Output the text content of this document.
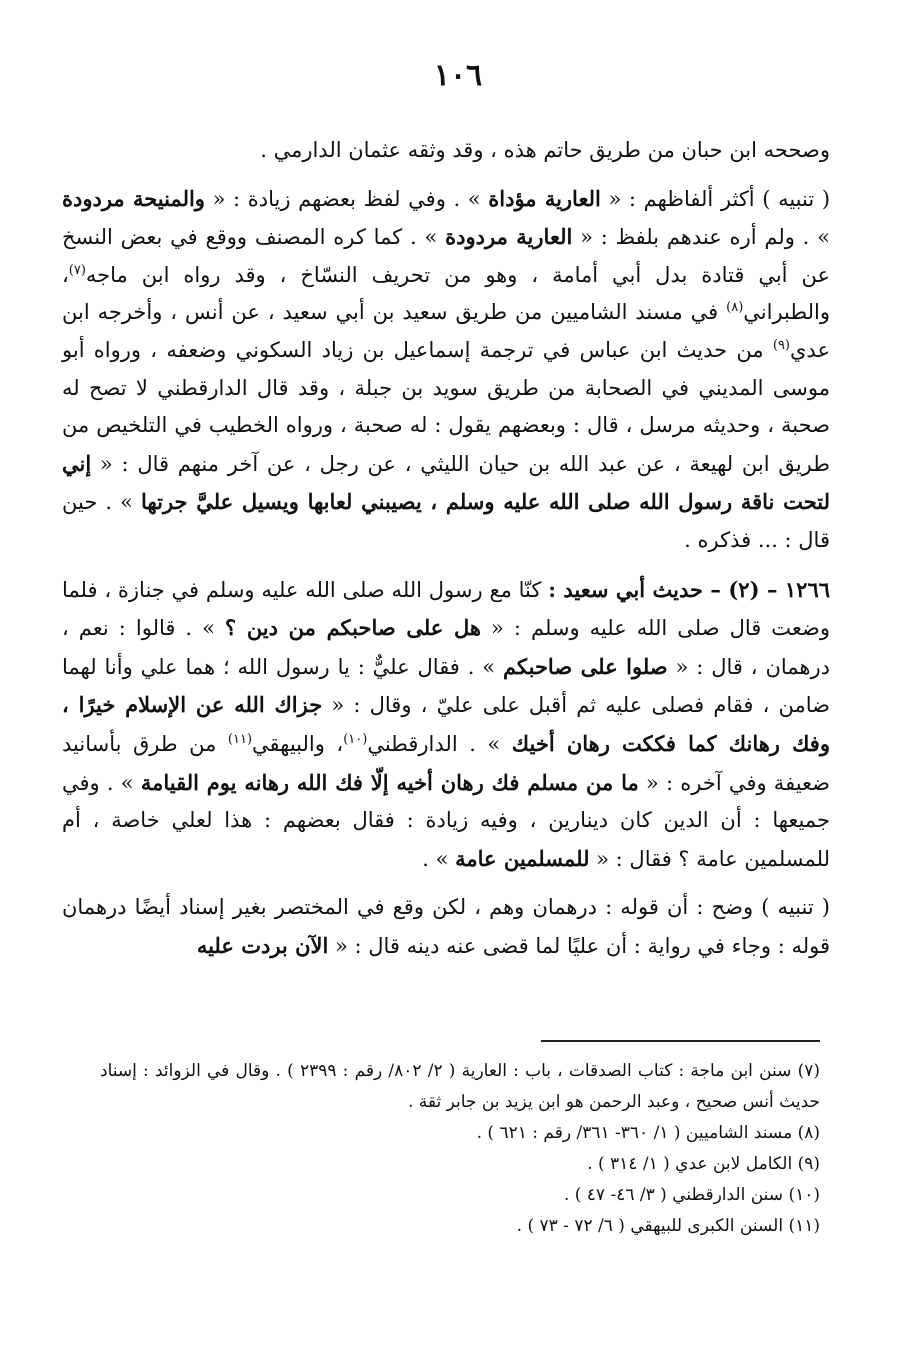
١٠٦

وصححه ابن حبان من طريق حاتم هذه ، وقد وثقه عثمان الدارمي .

( تنبيه ) أكثر ألفاظهم : « العارية مؤداة » . وفي لفظ بعضهم زيادة : « والمنيحة مردودة » . ولم أره عندهم بلفظ : « العارية مردودة » . كما كره المصنف ووقع في بعض النسخ عن أبي قتادة بدل أبي أمامة ، وهو من تحريف النسّاخ ، وقد رواه ابن ماجه$^{(٧)}$، والطبراني$^{(٨)}$ في مسند الشاميين من طريق سعيد بن أبي سعيد ، عن أنس ، وأخرجه ابن عدي$^{(٩)}$ من حديث ابن عباس في ترجمة إسماعيل بن زياد السكوني وضعفه ، ورواه أبو موسى المديني في الصحابة من طريق سويد بن جبلة ، وقد قال الدارقطني لا تصح له صحبة ، وحديثه مرسل ، قال : وبعضهم يقول : له صحبة ، ورواه الخطيب في التلخيص من طريق ابن لهيعة ، عن عبد الله بن حيان الليثي ، عن رجل ، عن آخر منهم قال : « إني لتحت ناقة رسول الله صلى الله عليه وسلم ، يصيبني لعابها ويسيل عليَّ جرتها » . حين قال : ... فذكره .

١٢٦٦ – (٢) – حديث أبي سعيد : كنّا مع رسول الله صلى الله عليه وسلم في جنازة ، فلما وضعت قال صلى الله عليه وسلم : « هل على صاحبكم من دين ؟ » . قالوا : نعم ، درهمان ، قال : « صلوا على صاحبكم » . فقال عليٌّ : يا رسول الله ؛ هما علي وأنا لهما ضامن ، فقام فصلى عليه ثم أقبل على عليّ ، وقال : « جزاك الله عن الإسلام خيرًا ، وفك رهانك كما فككت رهان أخيك » . الدارقطني$^{(١٠)}$، والبيهقي$^{(١١)}$ من طرق بأسانيد ضعيفة وفي آخره : « ما من مسلم فك رهان أخيه إلّا فك الله رهانه يوم القيامة » . وفي جميعها : أن الدين كان دينارين ، وفيه زيادة : فقال بعضهم : هذا لعلي خاصة ، أم للمسلمين عامة ؟ فقال : « للمسلمين عامة » .

( تنبيه ) وضح : أن قوله : درهمان وهم ، لكن وقع في المختصر بغير إسناد أيضًا درهمان قوله : وجاء في رواية : أن عليًا لما قضى عنه دينه قال : « الآن بردت عليه

(٧) سنن ابن ماجة : كتاب الصدقات ، باب : العارية ( ٢/ ٨٠٢/ رقم : ٢٣٩٩ ) . وقال في الزوائد : إسناد حديث أنس صحيح ، وعبد الرحمن هو ابن يزيد بن جابر ثقة .

(٨) مسند الشاميين ( ١/ ٣٦٠- ٣٦١/ رقم : ٦٢١ ) .

(٩) الكامل لابن عدي ( ١/ ٣١٤ ) .

(١٠) سنن الدارقطني ( ٣/ ٤٦- ٤٧ ) .

(١١) السنن الكبرى للبيهقي ( ٦/ ٧٢ - ٧٣ ) .
